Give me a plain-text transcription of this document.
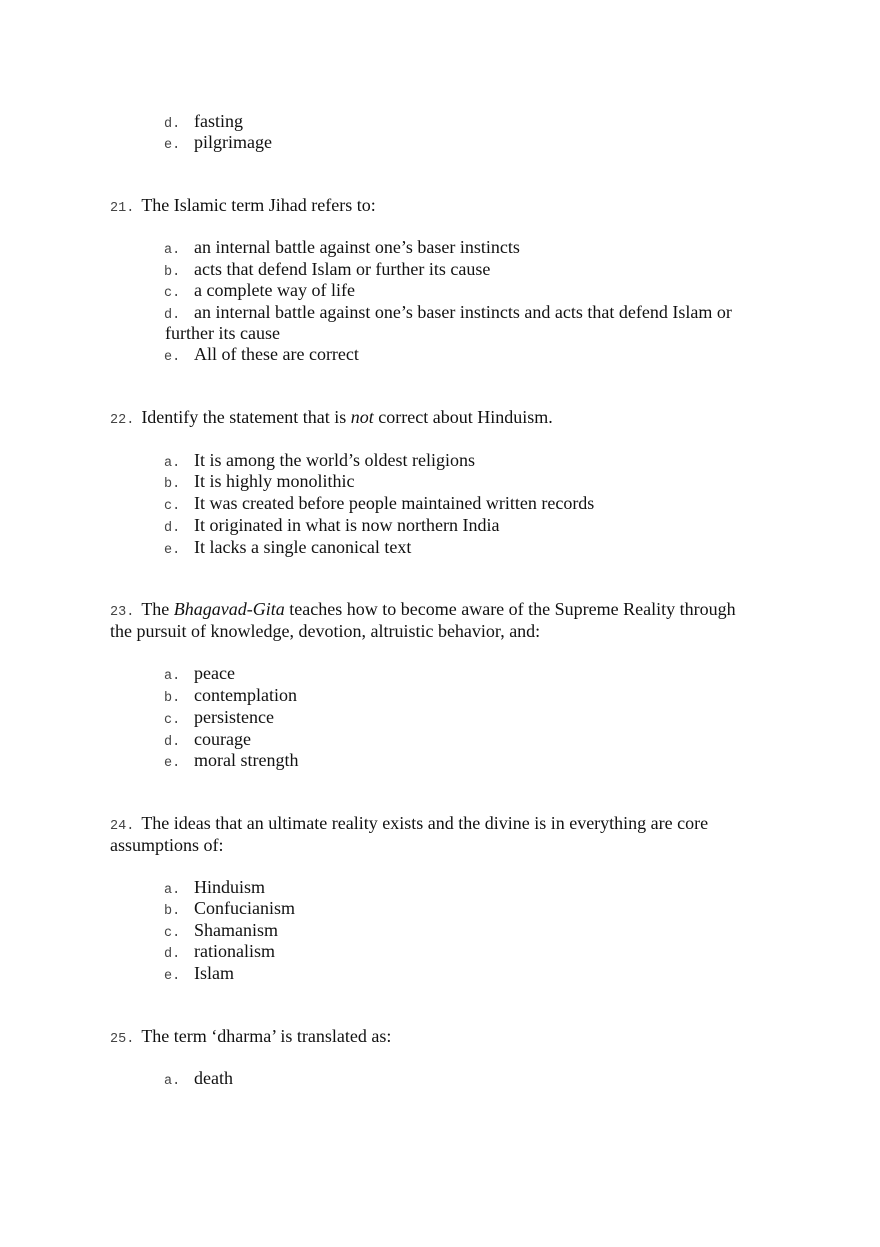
d. fasting
e. pilgrimage
21. The Islamic term Jihad refers to:
a. an internal battle against one’s baser instincts
b. acts that defend Islam or further its cause
c. a complete way of life
d. an internal battle against one’s baser instincts and acts that defend Islam or
further its cause
e. All of these are correct
22. Identify the statement that is not correct about Hinduism.
a. It is among the world’s oldest religions
b. It is highly monolithic
c. It was created before people maintained written records
d. It originated in what is now northern India
e. It lacks a single canonical text
23. The Bhagavad-Gita teaches how to become aware of the Supreme Reality through
the pursuit of knowledge, devotion, altruistic behavior, and:
a. peace
b. contemplation
c. persistence
d. courage
e. moral strength
24. The ideas that an ultimate reality exists and the divine is in everything are core
assumptions of:
a. Hinduism
b. Confucianism
c. Shamanism
d. rationalism
e. Islam
25. The term ‘dharma’ is translated as:
a. death
